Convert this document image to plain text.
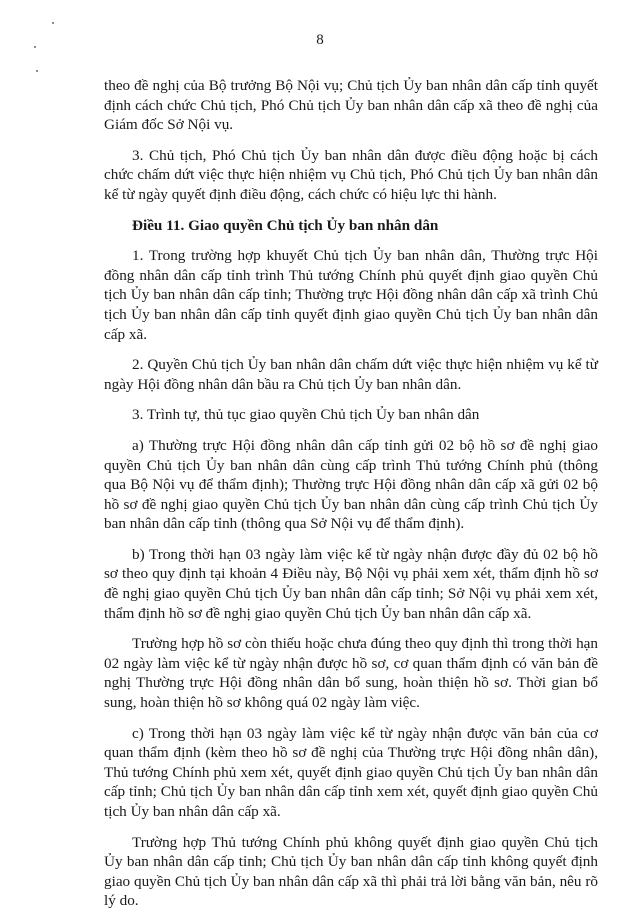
8

theo đề nghị của Bộ trưởng Bộ Nội vụ; Chủ tịch Ủy ban nhân dân cấp tỉnh quyết định cách chức Chủ tịch, Phó Chủ tịch Ủy ban nhân dân cấp xã theo đề nghị của Giám đốc Sở Nội vụ.

3. Chủ tịch, Phó Chủ tịch Ủy ban nhân dân được điều động hoặc bị cách chức chấm dứt việc thực hiện nhiệm vụ Chủ tịch, Phó Chủ tịch Ủy ban nhân dân kể từ ngày quyết định điều động, cách chức có hiệu lực thi hành.

Điều 11. Giao quyền Chủ tịch Ủy ban nhân dân

1. Trong trường hợp khuyết Chủ tịch Ủy ban nhân dân, Thường trực Hội đồng nhân dân cấp tỉnh trình Thủ tướng Chính phủ quyết định giao quyền Chủ tịch Ủy ban nhân dân cấp tỉnh; Thường trực Hội đồng nhân dân cấp xã trình Chủ tịch Ủy ban nhân dân cấp tỉnh quyết định giao quyền Chủ tịch Ủy ban nhân dân cấp xã.

2. Quyền Chủ tịch Ủy ban nhân dân chấm dứt việc thực hiện nhiệm vụ kể từ ngày Hội đồng nhân dân bầu ra Chủ tịch Ủy ban nhân dân.

3. Trình tự, thủ tục giao quyền Chủ tịch Ủy ban nhân dân

a) Thường trực Hội đồng nhân dân cấp tỉnh gửi 02 bộ hồ sơ đề nghị giao quyền Chủ tịch Ủy ban nhân dân cùng cấp trình Thủ tướng Chính phủ (thông qua Bộ Nội vụ để thẩm định); Thường trực Hội đồng nhân dân cấp xã gửi 02 bộ hồ sơ đề nghị giao quyền Chủ tịch Ủy ban nhân dân cùng cấp trình Chủ tịch Ủy ban nhân dân cấp tỉnh (thông qua Sở Nội vụ để thẩm định).

b) Trong thời hạn 03 ngày làm việc kể từ ngày nhận được đầy đủ 02 bộ hồ sơ theo quy định tại khoản 4 Điều này, Bộ Nội vụ phải xem xét, thẩm định hồ sơ đề nghị giao quyền Chủ tịch Ủy ban nhân dân cấp tỉnh; Sở Nội vụ phải xem xét, thẩm định hồ sơ đề nghị giao quyền Chủ tịch Ủy ban nhân dân cấp xã.

Trường hợp hồ sơ còn thiếu hoặc chưa đúng theo quy định thì trong thời hạn 02 ngày làm việc kể từ ngày nhận được hồ sơ, cơ quan thẩm định có văn bản đề nghị Thường trực Hội đồng nhân dân bổ sung, hoàn thiện hồ sơ. Thời gian bổ sung, hoàn thiện hồ sơ không quá 02 ngày làm việc.

c) Trong thời hạn 03 ngày làm việc kể từ ngày nhận được văn bản của cơ quan thẩm định (kèm theo hồ sơ đề nghị của Thường trực Hội đồng nhân dân), Thủ tướng Chính phủ xem xét, quyết định giao quyền Chủ tịch Ủy ban nhân dân cấp tỉnh; Chủ tịch Ủy ban nhân dân cấp tỉnh xem xét, quyết định giao quyền Chủ tịch Ủy ban nhân dân cấp xã.

Trường hợp Thủ tướng Chính phủ không quyết định giao quyền Chủ tịch Ủy ban nhân dân cấp tỉnh; Chủ tịch Ủy ban nhân dân cấp tỉnh không quyết định giao quyền Chủ tịch Ủy ban nhân dân cấp xã thì phải trả lời bằng văn bản, nêu rõ lý do.
